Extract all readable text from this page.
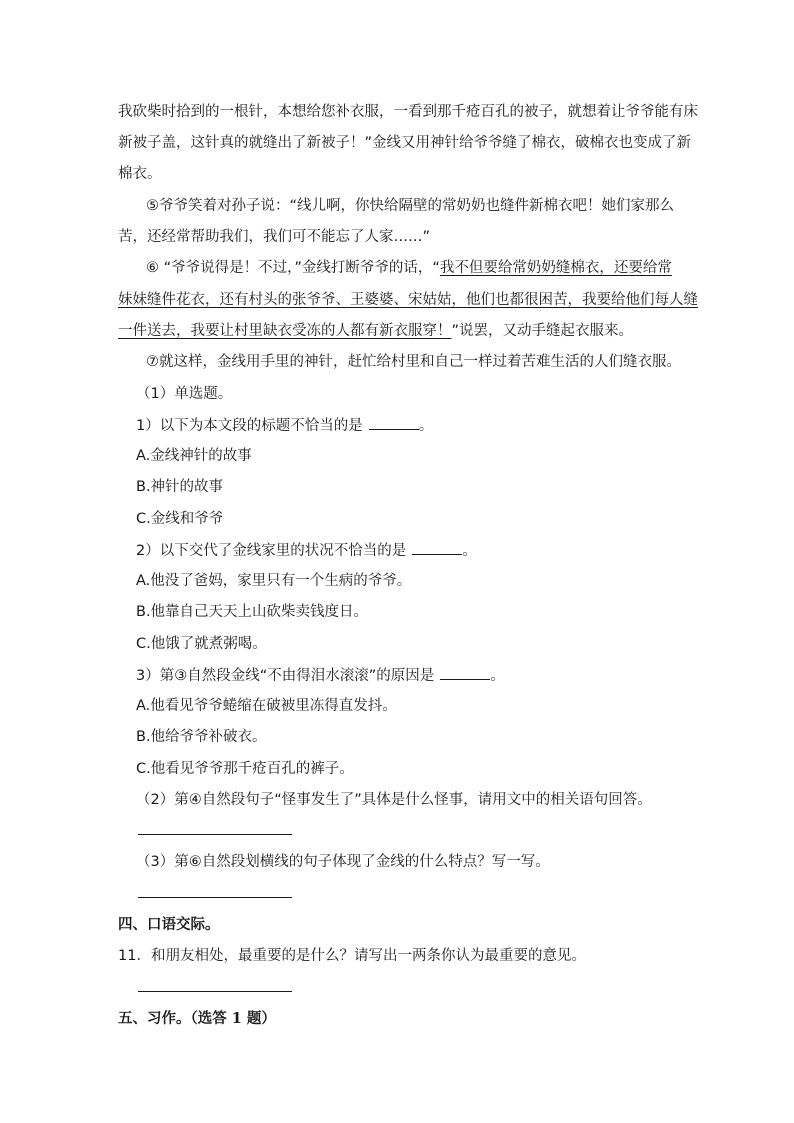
我砍柴时拾到的一根针，本想给您补衣服，一看到那千疮百孔的被子，就想着让爷爷能有床
新被子盖，这针真的就缝出了新被子！”金线又用神针给爷爷缝了棉衣，破棉衣也变成了新
棉衣。
⑤爷爷笑着对孙子说：“线儿啊，你快给隔壁的常奶奶也缝件新棉衣吧！她们家那么
苦，还经常帮助我们，我们可不能忘了人家……”
⑥ “爷爷说得是！不过，”金线打断爷爷的话，“我不但要给常奶奶缝棉衣，还要给常
妹妹缝件花衣，还有村头的张爷爷、王婆婆、宋姑姑，他们也都很困苦，我要给他们每人缝
一件送去，我要让村里缺衣受冻的人都有新衣服穿！”说罢，又动手缝起衣服来。
⑦就这样，金线用手里的神针，赶忙给村里和自己一样过着苦难生活的人们缝衣服。
（1）单选题。
1）以下为本文段的标题不恰当的是	。
A.金线神针的故事
B.神针的故事
C.金线和爷爷
2）以下交代了金线家里的状况不恰当的是	。
A.他没了爸妈，家里只有一个生病的爷爷。
B.他靠自己天天上山砍柴卖钱度日。
C.他饿了就煮粥喝。
3）第③自然段金线“不由得泪水滚滚”的原因是	。
A.他看见爷爷蜷缩在破被里冻得直发抖。
B.他给爷爷补破衣。
C.他看见爷爷那千疮百孔的裤子。
（2）第④自然段句子“怪事发生了”具体是什么怪事，请用文中的相关语句回答。
（3）第⑥自然段划横线的句子体现了金线的什么特点？写一写。
四、口语交际。
11．和朋友相处，最重要的是什么？请写出一两条你认为最重要的意见。
五、习作。（选答 1 题）
